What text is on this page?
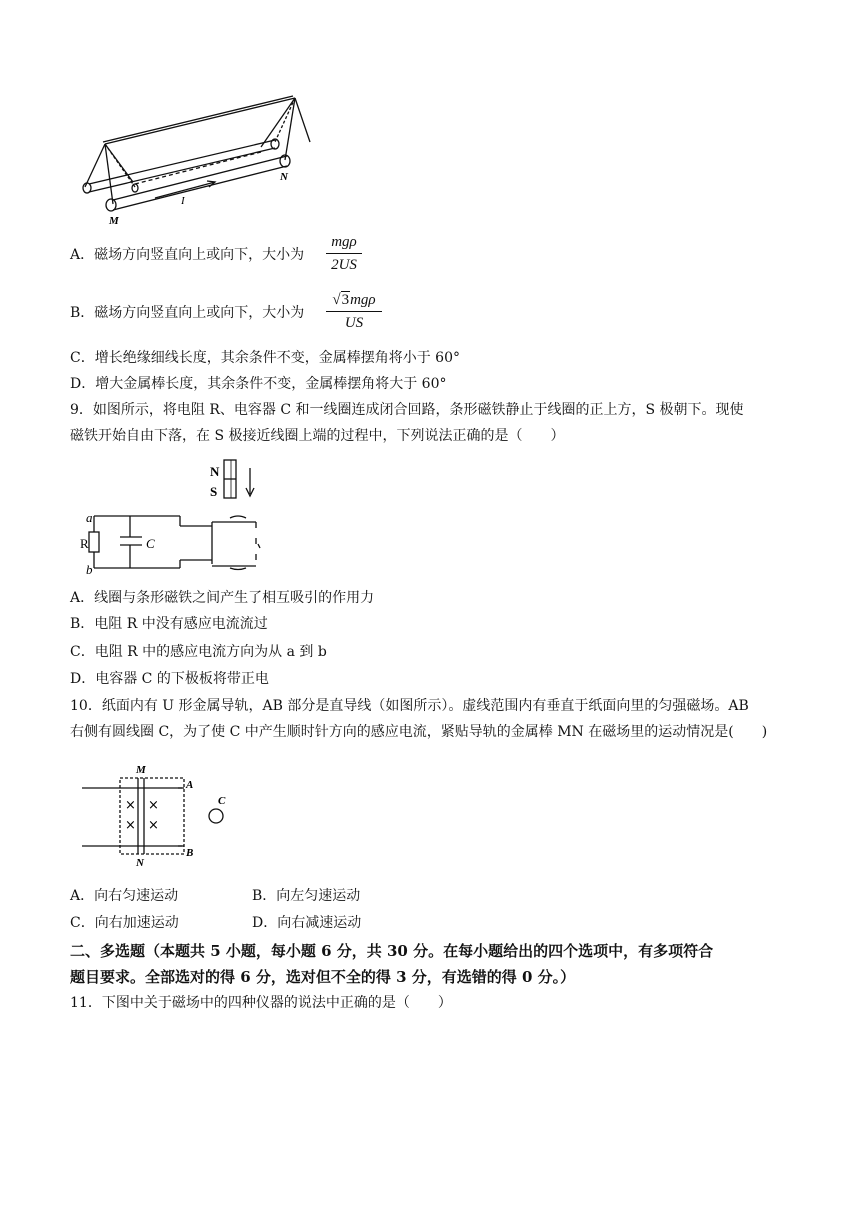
M
N
I
A．磁场方向竖直向上或向下，大小为
mgρ
2US
B．磁场方向竖直向上或向下，大小为
√3mgρ
US
C．增长绝缘细线长度，其余条件不变，金属棒摆角将小于 60°
D．增大金属棒长度，其余条件不变，金属棒摆角将大于 60°
9．如图所示，将电阻 R、电容器 C 和一线圈连成闭合回路，条形磁铁静止于线圈的正上方，S 极朝下。现使
磁铁开始自由下落，在 S 极接近线圈上端的过程中，下列说法正确的是（　　）
N
S
a
b
R	C
A．线圈与条形磁铁之间产生了相互吸引的作用力
B．电阻 R 中没有感应电流流过
C．电阻 R 中的感应电流方向为从 a 到 b
D．电容器 C 的下极板将带正电
10．纸面内有 U 形金属导轨，AB 部分是直导线（如图所示）。虚线范围内有垂直于纸面向里的匀强磁场。AB
右侧有圆线圈 C，为了使 C 中产生顺时针方向的感应电流，紧贴导轨的金属棒 MN 在磁场里的运动情况是(　　)
× ×
× ×
M
N
A
B
C
A．向右匀速运动	B．向左匀速运动
C．向右加速运动	D．向右减速运动
二、多选题（本题共 5 小题，每小题 6 分，共 30 分。在每小题给出的四个选项中，有多项符合
题目要求。全部选对的得 6 分，选对但不全的得 3 分，有选错的得 0 分。）
11．下图中关于磁场中的四种仪器的说法中正确的是（　　）
